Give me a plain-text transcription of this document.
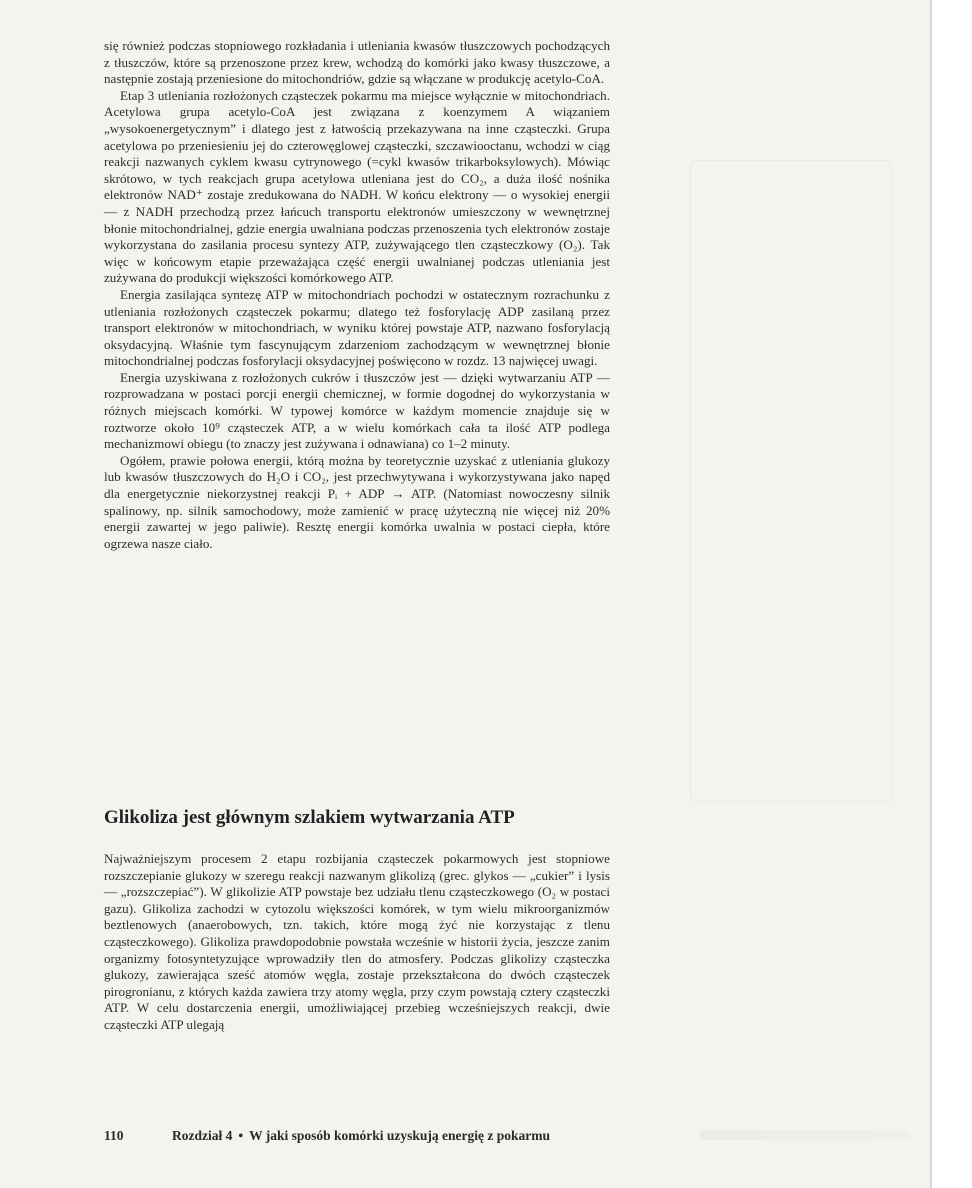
się również podczas stopniowego rozkładania i utleniania kwasów tłuszczowych pochodzących z tłuszczów, które są przenoszone przez krew, wchodzą do komórki jako kwasy tłuszczowe, a następnie zostają przeniesione do mitochondriów, gdzie są włączane w produkcję acetylo-CoA.

Etap 3 utleniania rozłożonych cząsteczek pokarmu ma miejsce wyłącznie w mitochondriach. Acetylowa grupa acetylo-CoA jest związana z koenzymem A wiązaniem „wysokoenergetycznym” i dlatego jest z łatwością przekazywana na inne cząsteczki. Grupa acetylowa po przeniesieniu jej do czterowęglowej cząsteczki, szczawiooctanu, wchodzi w ciąg reakcji nazwanych cyklem kwasu cytrynowego (=cykl kwasów trikarboksylowych). Mówiąc skrótowo, w tych reakcjach grupa acetylowa utleniana jest do CO₂, a duża ilość nośnika elektronów NAD⁺ zostaje zredukowana do NADH. W końcu elektrony — o wysokiej energii — z NADH przechodzą przez łańcuch transportu elektronów umieszczony w wewnętrznej błonie mitochondrialnej, gdzie energia uwalniana podczas przenoszenia tych elektronów zostaje wykorzystana do zasilania procesu syntezy ATP, zużywającego tlen cząsteczkowy (O₂). Tak więc w końcowym etapie przeważająca część energii uwalnianej podczas utleniania jest zużywana do produkcji większości komórkowego ATP.

Energia zasilająca syntezę ATP w mitochondriach pochodzi w ostatecznym rozrachunku z utleniania rozłożonych cząsteczek pokarmu; dlatego też fosforylację ADP zasilaną przez transport elektronów w mitochondriach, w wyniku której powstaje ATP, nazwano fosforylacją oksydacyjną. Właśnie tym fascynującym zdarzeniom zachodzącym w wewnętrznej błonie mitochondrialnej podczas fosforylacji oksydacyjnej poświęcono w rozdz. 13 najwięcej uwagi.

Energia uzyskiwana z rozłożonych cukrów i tłuszczów jest — dzięki wytwarzaniu ATP — rozprowadzana w postaci porcji energii chemicznej, w formie dogodnej do wykorzystania w różnych miejscach komórki. W typowej komórce w każdym momencie znajduje się w roztworze około 10⁹ cząsteczek ATP, a w wielu komórkach cała ta ilość ATP podlega mechanizmowi obiegu (to znaczy jest zużywana i odnawiana) co 1–2 minuty.

Ogółem, prawie połowa energii, którą można by teoretycznie uzyskać z utleniania glukozy lub kwasów tłuszczowych do H₂O i CO₂, jest przechwytywana i wykorzystywana jako napęd dla energetycznie niekorzystnej reakcji Pᵢ + ADP → ATP. (Natomiast nowoczesny silnik spalinowy, np. silnik samochodowy, może zamienić w pracę użyteczną nie więcej niż 20% energii zawartej w jego paliwie). Resztę energii komórka uwalnia w postaci ciepła, które ogrzewa nasze ciało.

Glikoliza jest głównym szlakiem wytwarzania ATP

Najważniejszym procesem 2 etapu rozbijania cząsteczek pokarmowych jest stopniowe rozszczepianie glukozy w szeregu reakcji nazwanym glikolizą (grec. glykos — „cukier” i lysis — „rozszczepiać”). W glikolizie ATP powstaje bez udziału tlenu cząsteczkowego (O₂ w postaci gazu). Glikoliza zachodzi w cytozolu większości komórek, w tym wielu mikroorganizmów beztlenowych (anaerobowych, tzn. takich, które mogą żyć nie korzystając z tlenu cząsteczkowego). Glikoliza prawdopodobnie powstała wcześnie w historii życia, jeszcze zanim organizmy fotosyntetyzujące wprowadziły tlen do atmosfery. Podczas glikolizy cząsteczka glukozy, zawierająca sześć atomów węgla, zostaje przekształcona do dwóch cząsteczek pirogronianu, z których każda zawiera trzy atomy węgla, przy czym powstają cztery cząsteczki ATP. W celu dostarczenia energii, umożliwiającej przebieg wcześniejszych reakcji, dwie cząsteczki ATP ulegają

110	Rozdział 4 • W jaki sposób komórki uzyskują energię z pokarmu
